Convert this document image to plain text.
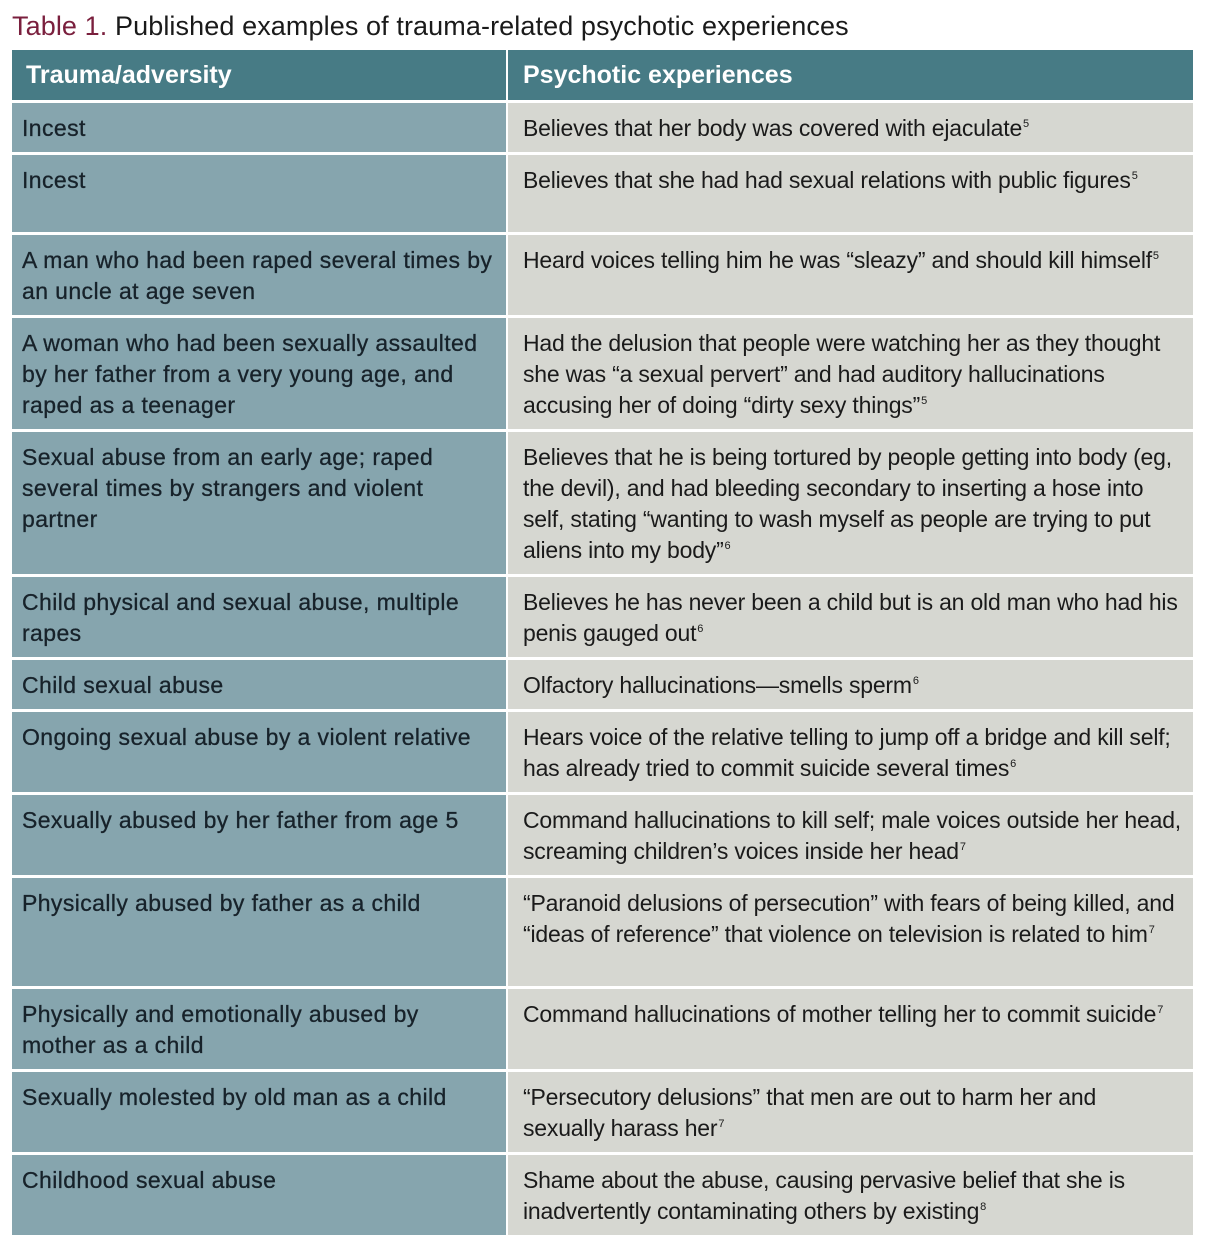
Table 1. Published examples of trauma-related psychotic experiences
Trauma/adversity	Psychotic experiences
Incest	Believes that her body was covered with ejaculate$^5$
Incest	Believes that she had had sexual relations with public figures$^5$
A man who had been raped several times by an uncle at age seven	Heard voices telling him he was “sleazy” and should kill himself$^5$
A woman who had been sexually assaulted by her father from a very young age, and raped as a teenager	Had the delusion that people were watching her as they thought she was “a sexual pervert” and had auditory hallucinations accusing her of doing “dirty sexy things”$^5$
Sexual abuse from an early age; raped several times by strangers and violent partner	Believes that he is being tortured by people getting into body (eg, the devil), and had bleeding secondary to inserting a hose into self, stating “wanting to wash myself as people are trying to put aliens into my body”$^6$
Child physical and sexual abuse, multiple rapes	Believes he has never been a child but is an old man who had his penis gauged out$^6$
Child sexual abuse	Olfactory hallucinations—smells sperm$^6$
Ongoing sexual abuse by a violent relative	Hears voice of the relative telling to jump off a bridge and kill self; has already tried to commit suicide several times$^6$
Sexually abused by her father from age 5	Command hallucinations to kill self; male voices outside her head, screaming children’s voices inside her head$^7$
Physically abused by father as a child	“Paranoid delusions of persecution” with fears of being killed, and “ideas of reference” that violence on television is related to him$^7$
Physically and emotionally abused by mother as a child	Command hallucinations of mother telling her to commit suicide$^7$
Sexually molested by old man as a child	“Persecutory delusions” that men are out to harm her and sexually harass her$^7$
Childhood sexual abuse	Shame about the abuse, causing pervasive belief that she is inadvertently contaminating others by existing$^8$
